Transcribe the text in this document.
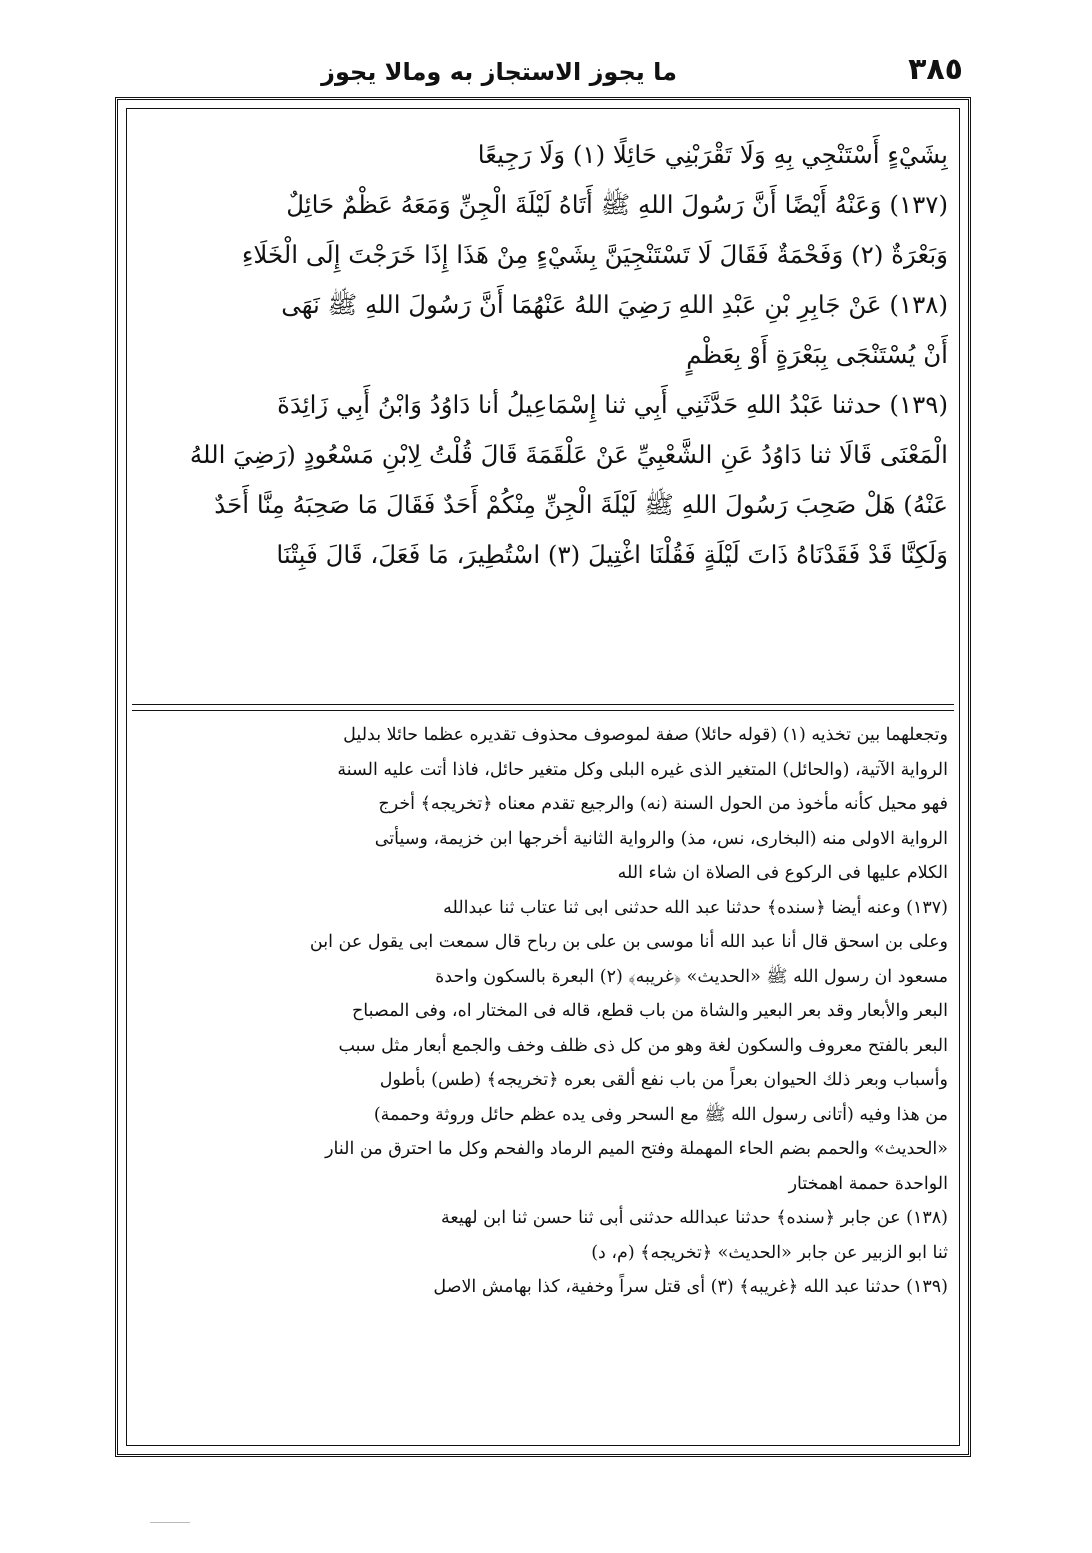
٣٨٥
ما يجوز الاستجاز به ومالا يجوز
بِشَيْءٍ أَسْتَنْجِي بِهِ وَلَا تَقْرَبْنِي حَائِلًا (١) وَلَا رَجِيعًا
(١٣٧) وَعَنْهُ أَيْضًا أَنَّ رَسُولَ اللهِ ﷺ أَتَاهُ لَيْلَةَ الْجِنِّ وَمَعَهُ عَظْمٌ حَائِلٌ
وَبَعْرَةٌ (٢) وَفَحْمَةٌ فَقَالَ لَا تَسْتَنْجِيَنَّ بِشَيْءٍ مِنْ هَذَا إِذَا خَرَجْتَ إِلَى الْخَلَاءِ
(١٣٨) عَنْ جَابِرِ بْنِ عَبْدِ اللهِ رَضِيَ اللهُ عَنْهُمَا أَنَّ رَسُولَ اللهِ ﷺ نَهَى
أَنْ يُسْتَنْجَى بِبَعْرَةٍ أَوْ بِعَظْمٍ
(١٣٩) حدثنا عَبْدُ اللهِ حَدَّثَنِي أَبِي ثنا إِسْمَاعِيلُ أنا دَاوُدُ وَابْنُ أَبِي زَائِدَةَ
الْمَعْنَى قَالَا ثنا دَاوُدُ عَنِ الشَّعْبِيِّ عَنْ عَلْقَمَةَ قَالَ قُلْتُ لِابْنِ مَسْعُودٍ (رَضِيَ اللهُ
عَنْهُ) هَلْ صَحِبَ رَسُولَ اللهِ ﷺ لَيْلَةَ الْجِنِّ مِنْكُمْ أَحَدٌ فَقَالَ مَا صَحِبَهُ مِنَّا أَحَدٌ
وَلَكِنَّا قَدْ فَقَدْنَاهُ ذَاتَ لَيْلَةٍ فَقُلْنَا اغْتِيلَ (٣) اسْتُطِيرَ، مَا فَعَلَ، قَالَ فَبِتْنَا
وتجعلهما بين تخذيه (١) (قوله حائلا) صفة لموصوف محذوف تقديره عظما حائلا بدليل
الرواية الآتية، (والحائل) المتغير الذى غيره البلى وكل متغير حائل، فاذا أتت عليه السنة
فهو محيل كأنه مأخوذ من الحول السنة (نه) والرجيع تقدم معناه ﴿تخريجه﴾ أخرج
الرواية الاولى منه (البخارى، نس، مذ) والرواية الثانية أخرجها ابن خزيمة، وسيأتى
الكلام عليها فى الركوع فى الصلاة ان شاء الله
(١٣٧) وعنه أيضا ﴿سنده﴾ حدثنا عبد الله حدثنى ابى ثنا عتاب ثنا عبدالله
وعلى بن اسحق قال أنا عبد الله أنا موسى بن على بن رباح قال سمعت ابى يقول عن ابن
مسعود ان رسول الله ﷺ «الحديث» ﴿غريبه﴾ (٢) البعرة بالسكون واحدة
البعر والأبعار وقد بعر البعير والشاة من باب قطع، قاله فى المختار اه، وفى المصباح
البعر بالفتح معروف والسكون لغة وهو من كل ذى ظلف وخف والجمع أبعار مثل سبب
وأسباب وبعر ذلك الحيوان بعراً من باب نفع ألقى بعره ﴿تخريجه﴾ (طس) بأطول
من هذا وفيه (أتانى رسول الله ﷺ مع السحر وفى يده عظم حائل وروثة وحممة)
«الحديث» والحمم بضم الحاء المهملة وفتح الميم الرماد والفحم وكل ما احترق من النار
الواحدة حممة اهمختار
(١٣٨) عن جابر ﴿سنده﴾ حدثنا عبدالله حدثنى أبى ثنا حسن ثنا ابن لهيعة
ثنا ابو الزبير عن جابر «الحديث» ﴿تخريجه﴾ (م، د)
(١٣٩) حدثنا عبد الله ﴿غريبه﴾ (٣) أى قتل سراً وخفية، كذا بهامش الاصل
